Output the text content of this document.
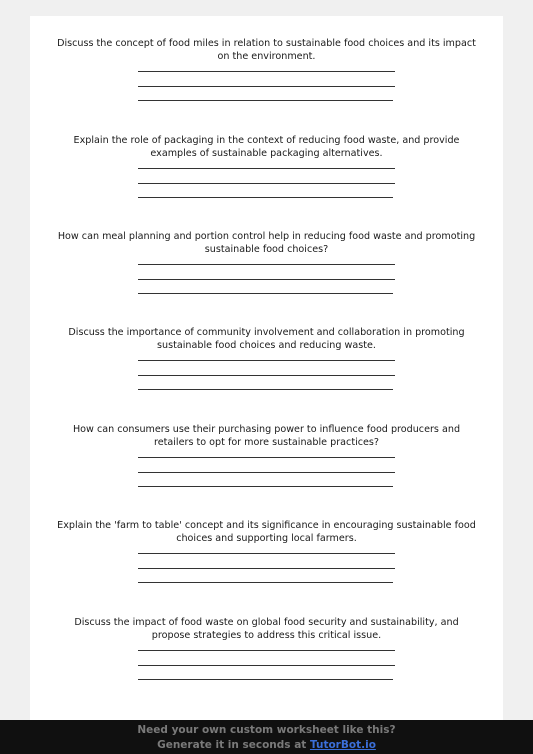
Discuss the concept of food miles in relation to sustainable food choices and its impact on the environment.

Explain the role of packaging in the context of reducing food waste, and provide examples of sustainable packaging alternatives.

How can meal planning and portion control help in reducing food waste and promoting sustainable food choices?

Discuss the importance of community involvement and collaboration in promoting sustainable food choices and reducing waste.

How can consumers use their purchasing power to influence food producers and retailers to opt for more sustainable practices?

Explain the 'farm to table' concept and its significance in encouraging sustainable food choices and supporting local farmers.

Discuss the impact of food waste on global food security and sustainability, and propose strategies to address this critical issue.

Need your own custom worksheet like this?
Generate it in seconds at TutorBot.io
